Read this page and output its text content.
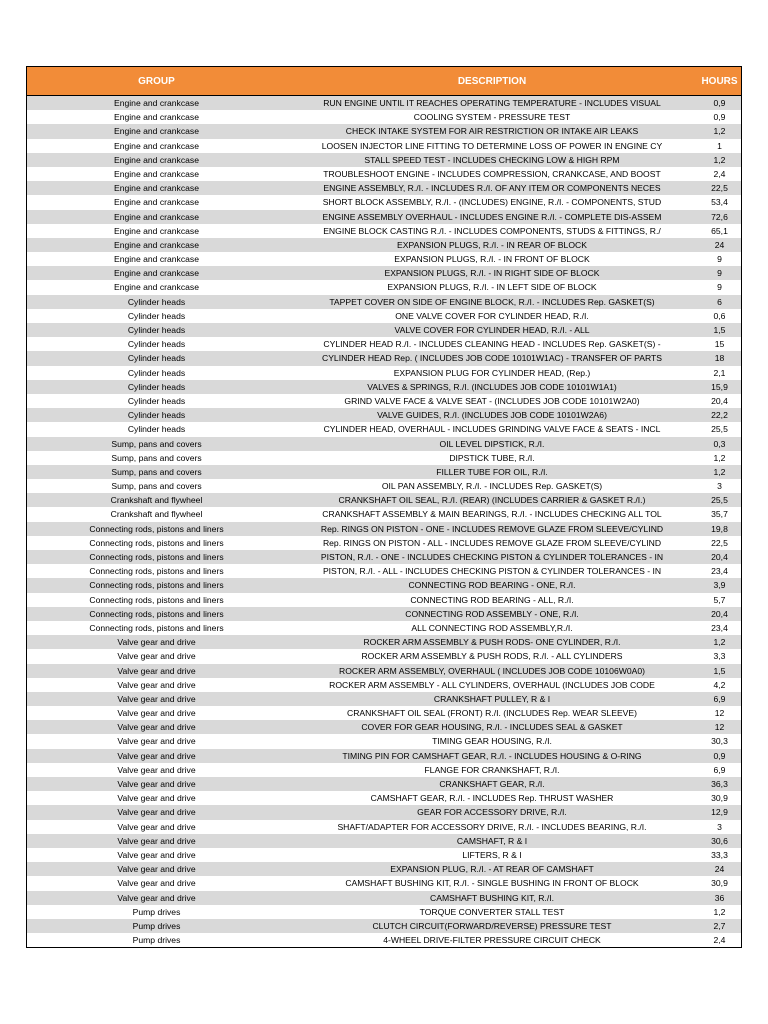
GROUP	DESCRIPTION	HOURS
Engine and crankcase	RUN ENGINE UNTIL IT REACHES OPERATING TEMPERATURE - INCLUDES VISUAL	0,9
Engine and crankcase	COOLING SYSTEM - PRESSURE TEST	0,9
Engine and crankcase	CHECK INTAKE SYSTEM FOR AIR RESTRICTION OR INTAKE AIR LEAKS	1,2
Engine and crankcase	LOOSEN INJECTOR LINE FITTING TO DETERMINE LOSS OF POWER IN ENGINE CY	1
Engine and crankcase	STALL SPEED TEST - INCLUDES CHECKING LOW & HIGH RPM	1,2
Engine and crankcase	TROUBLESHOOT ENGINE - INCLUDES COMPRESSION, CRANKCASE, AND BOOST	2,4
Engine and crankcase	ENGINE ASSEMBLY, R./I. - INCLUDES R./I. OF ANY ITEM OR COMPONENTS NECES	22,5
Engine and crankcase	SHORT BLOCK ASSEMBLY, R./I. - (INCLUDES) ENGINE, R./I. - COMPONENTS, STUD	53,4
Engine and crankcase	ENGINE ASSEMBLY OVERHAUL - INCLUDES ENGINE R./I. - COMPLETE DIS-ASSEM	72,6
Engine and crankcase	ENGINE BLOCK CASTING R./I. - INCLUDES COMPONENTS, STUDS & FITTINGS, R./	65,1
Engine and crankcase	EXPANSION PLUGS, R./I. - IN REAR OF BLOCK	24
Engine and crankcase	EXPANSION PLUGS, R./I. - IN FRONT OF BLOCK	9
Engine and crankcase	EXPANSION PLUGS, R./I. - IN RIGHT SIDE OF BLOCK	9
Engine and crankcase	EXPANSION PLUGS, R./I. - IN LEFT SIDE OF BLOCK	9
Cylinder heads	TAPPET COVER ON SIDE OF ENGINE BLOCK, R./I. - INCLUDES Rep. GASKET(S)	6
Cylinder heads	ONE VALVE COVER FOR CYLINDER HEAD, R./I.	0,6
Cylinder heads	VALVE COVER FOR CYLINDER HEAD, R./I. - ALL	1,5
Cylinder heads	CYLINDER HEAD R./I. - INCLUDES CLEANING HEAD - INCLUDES Rep. GASKET(S) -	15
Cylinder heads	CYLINDER HEAD Rep. ( INCLUDES JOB CODE 10101W1AC) - TRANSFER OF PARTS	18
Cylinder heads	EXPANSION PLUG FOR CYLINDER HEAD, (Rep.)	2,1
Cylinder heads	VALVES & SPRINGS, R./I. (INCLUDES JOB CODE 10101W1A1)	15,9
Cylinder heads	GRIND VALVE FACE & VALVE SEAT - (INCLUDES JOB CODE 10101W2A0)	20,4
Cylinder heads	VALVE GUIDES, R./I. (INCLUDES JOB CODE 10101W2A6)	22,2
Cylinder heads	CYLINDER HEAD, OVERHAUL - INCLUDES GRINDING VALVE FACE & SEATS - INCL	25,5
Sump, pans and covers	OIL LEVEL DIPSTICK, R./I.	0,3
Sump, pans and covers	DIPSTICK TUBE, R./I.	1,2
Sump, pans and covers	FILLER TUBE FOR OIL, R./I.	1,2
Sump, pans and covers	OIL PAN ASSEMBLY, R./I. - INCLUDES Rep. GASKET(S)	3
Crankshaft and flywheel	CRANKSHAFT OIL SEAL, R./I. (REAR) (INCLUDES CARRIER & GASKET R./I.)	25,5
Crankshaft and flywheel	CRANKSHAFT ASSEMBLY & MAIN BEARINGS, R./I. - INCLUDES CHECKING ALL TOL	35,7
Connecting rods, pistons and liners	Rep. RINGS ON PISTON - ONE - INCLUDES REMOVE GLAZE FROM SLEEVE/CYLIND	19,8
Connecting rods, pistons and liners	Rep. RINGS ON PISTON - ALL - INCLUDES REMOVE GLAZE FROM SLEEVE/CYLIND	22,5
Connecting rods, pistons and liners	PISTON, R./I. - ONE - INCLUDES CHECKING PISTON & CYLINDER TOLERANCES - IN	20,4
Connecting rods, pistons and liners	PISTON, R./I. - ALL - INCLUDES CHECKING PISTON & CYLINDER TOLERANCES - IN	23,4
Connecting rods, pistons and liners	CONNECTING ROD BEARING - ONE, R./I.	3,9
Connecting rods, pistons and liners	CONNECTING ROD BEARING - ALL, R./I.	5,7
Connecting rods, pistons and liners	CONNECTING ROD ASSEMBLY - ONE, R./I.	20,4
Connecting rods, pistons and liners	ALL CONNECTING ROD ASSEMBLY,R./I.	23,4
Valve gear and drive	ROCKER ARM ASSEMBLY & PUSH RODS- ONE CYLINDER, R./I.	1,2
Valve gear and drive	ROCKER ARM ASSEMBLY & PUSH RODS, R./I. - ALL CYLINDERS	3,3
Valve gear and drive	ROCKER ARM ASSEMBLY, OVERHAUL ( INCLUDES JOB CODE 10106W0A0)	1,5
Valve gear and drive	ROCKER ARM ASSEMBLY - ALL CYLINDERS, OVERHAUL (INCLUDES JOB CODE	4,2
Valve gear and drive	CRANKSHAFT PULLEY, R & I	6,9
Valve gear and drive	CRANKSHAFT OIL SEAL (FRONT) R./I. (INCLUDES Rep. WEAR SLEEVE)	12
Valve gear and drive	COVER FOR GEAR HOUSING, R./I. - INCLUDES SEAL & GASKET	12
Valve gear and drive	TIMING GEAR HOUSING, R./I.	30,3
Valve gear and drive	TIMING PIN FOR CAMSHAFT GEAR, R./I. - INCLUDES HOUSING & O-RING	0,9
Valve gear and drive	FLANGE FOR CRANKSHAFT, R./I.	6,9
Valve gear and drive	CRANKSHAFT GEAR, R./I.	36,3
Valve gear and drive	CAMSHAFT GEAR, R./I. - INCLUDES Rep. THRUST WASHER	30,9
Valve gear and drive	GEAR FOR ACCESSORY DRIVE, R./I.	12,9
Valve gear and drive	SHAFT/ADAPTER FOR ACCESSORY DRIVE, R./I. - INCLUDES BEARING, R./I.	3
Valve gear and drive	CAMSHAFT, R & I	30,6
Valve gear and drive	LIFTERS, R & I	33,3
Valve gear and drive	EXPANSION PLUG, R./I. - AT REAR OF CAMSHAFT	24
Valve gear and drive	CAMSHAFT BUSHING KIT, R./I. - SINGLE BUSHING IN FRONT OF BLOCK	30,9
Valve gear and drive	CAMSHAFT BUSHING KIT, R./I.	36
Pump drives	TORQUE CONVERTER STALL TEST	1,2
Pump drives	CLUTCH CIRCUIT(FORWARD/REVERSE) PRESSURE TEST	2,7
Pump drives	4-WHEEL DRIVE-FILTER PRESSURE CIRCUIT CHECK	2,4
